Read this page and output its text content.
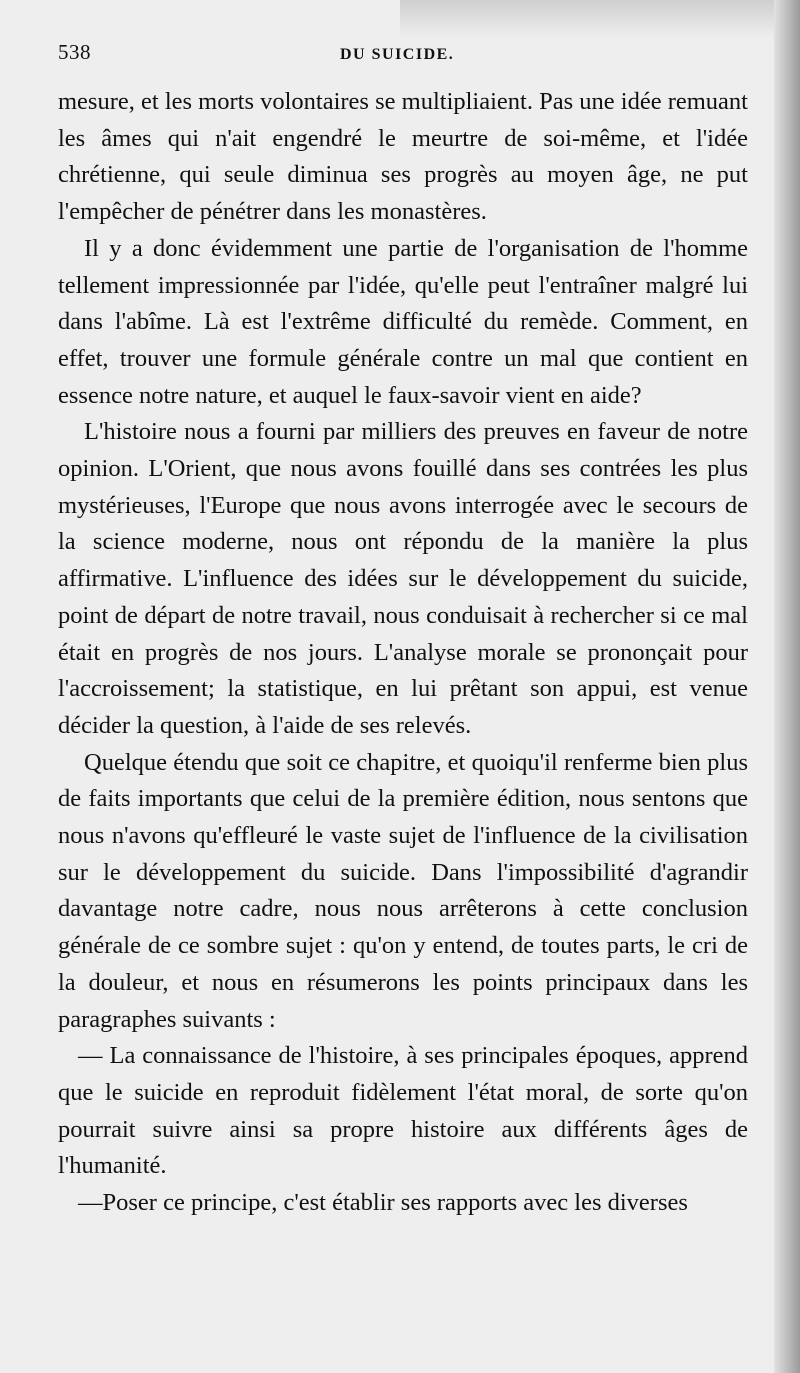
538	DU SUICIDE.

mesure, et les morts volontaires se multipliaient. Pas une idée remuant les âmes qui n'ait engendré le meurtre de soi-même, et l'idée chrétienne, qui seule diminua ses progrès au moyen âge, ne put l'empêcher de pénétrer dans les monastères.

Il y a donc évidemment une partie de l'organisation de l'homme tellement impressionnée par l'idée, qu'elle peut l'entraîner malgré lui dans l'abîme. Là est l'extrême difficulté du remède. Comment, en effet, trouver une formule générale contre un mal que contient en essence notre nature, et auquel le faux-savoir vient en aide?

L'histoire nous a fourni par milliers des preuves en faveur de notre opinion. L'Orient, que nous avons fouillé dans ses contrées les plus mystérieuses, l'Europe que nous avons interrogée avec le secours de la science moderne, nous ont répondu de la manière la plus affirmative. L'influence des idées sur le développement du suicide, point de départ de notre travail, nous conduisait à rechercher si ce mal était en progrès de nos jours. L'analyse morale se prononçait pour l'accroissement; la statistique, en lui prêtant son appui, est venue décider la question, à l'aide de ses relevés.

Quelque étendu que soit ce chapitre, et quoiqu'il renferme bien plus de faits importants que celui de la première édition, nous sentons que nous n'avons qu'effleuré le vaste sujet de l'influence de la civilisation sur le développement du suicide. Dans l'impossibilité d'agrandir davantage notre cadre, nous nous arrêterons à cette conclusion générale de ce sombre sujet : qu'on y entend, de toutes parts, le cri de la douleur, et nous en résumerons les points principaux dans les paragraphes suivants :

— La connaissance de l'histoire, à ses principales époques, apprend que le suicide en reproduit fidèlement l'état moral, de sorte qu'on pourrait suivre ainsi sa propre histoire aux différents âges de l'humanité.

—Poser ce principe, c'est établir ses rapports avec les diverses
